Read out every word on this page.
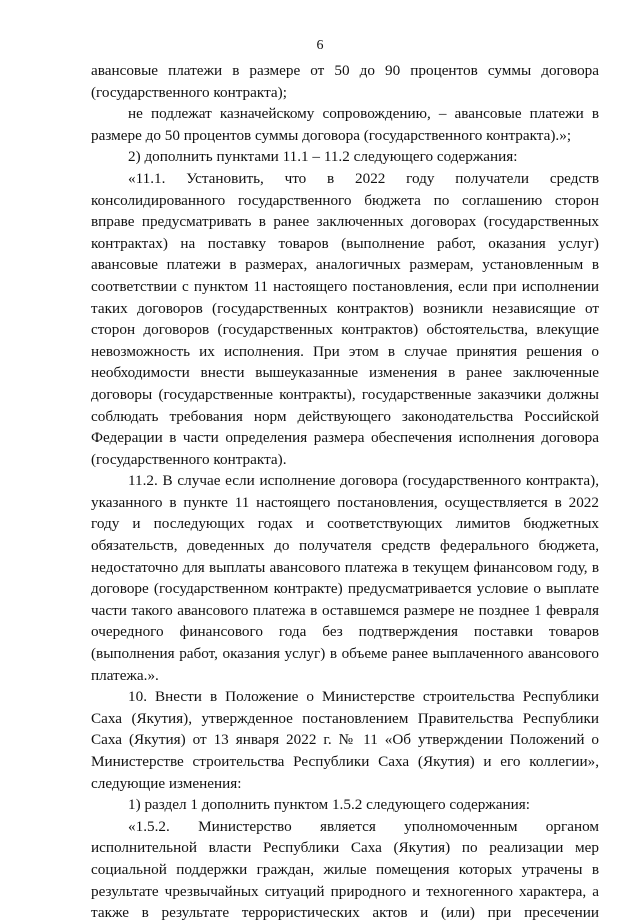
6

авансовые платежи в размере от 50 до 90 процентов суммы договора (государственного контракта);

не подлежат казначейскому сопровождению, – авансовые платежи в размере до 50 процентов суммы договора (государственного контракта).»;

2) дополнить пунктами 11.1 – 11.2 следующего содержания:

«11.1. Установить, что в 2022 году получатели средств консолидированного государственного бюджета по соглашению сторон вправе предусматривать в ранее заключенных договорах (государственных контрактах) на поставку товаров (выполнение работ, оказания услуг) авансовые платежи в размерах, аналогичных размерам, установленным в соответствии с пунктом 11 настоящего постановления, если при исполнении таких договоров (государственных контрактов) возникли независящие от сторон договоров (государственных контрактов) обстоятельства, влекущие невозможность их исполнения. При этом в случае принятия решения о необходимости внести вышеуказанные изменения в ранее заключенные договоры (государственные контракты), государственные заказчики должны соблюдать требования норм действующего законодательства Российской Федерации в части определения размера обеспечения исполнения договора (государственного контракта).

11.2. В случае если исполнение договора (государственного контракта), указанного в пункте 11 настоящего постановления, осуществляется в 2022 году и последующих годах и соответствующих лимитов бюджетных обязательств, доведенных до получателя средств федерального бюджета, недостаточно для выплаты авансового платежа в текущем финансовом году, в договоре (государственном контракте) предусматривается условие о выплате части такого авансового платежа в оставшемся размере не позднее 1 февраля очередного финансового года без подтверждения поставки товаров (выполнения работ, оказания услуг) в объеме ранее выплаченного авансового платежа.».

10. Внести в Положение о Министерстве строительства Республики Саха (Якутия), утвержденное постановлением Правительства Республики Саха (Якутия) от 13 января 2022 г. № 11 «Об утверждении Положений о Министерстве строительства Республики Саха (Якутия) и его коллегии», следующие изменения:

1) раздел 1 дополнить пунктом 1.5.2 следующего содержания:

«1.5.2. Министерство является уполномоченным органом исполнительной власти Республики Саха (Якутия) по реализации мер социальной поддержки граждан, жилые помещения которых утрачены в результате чрезвычайных ситуаций природного и техногенного характера, а также в результате террористических актов и (или) при пресечении
